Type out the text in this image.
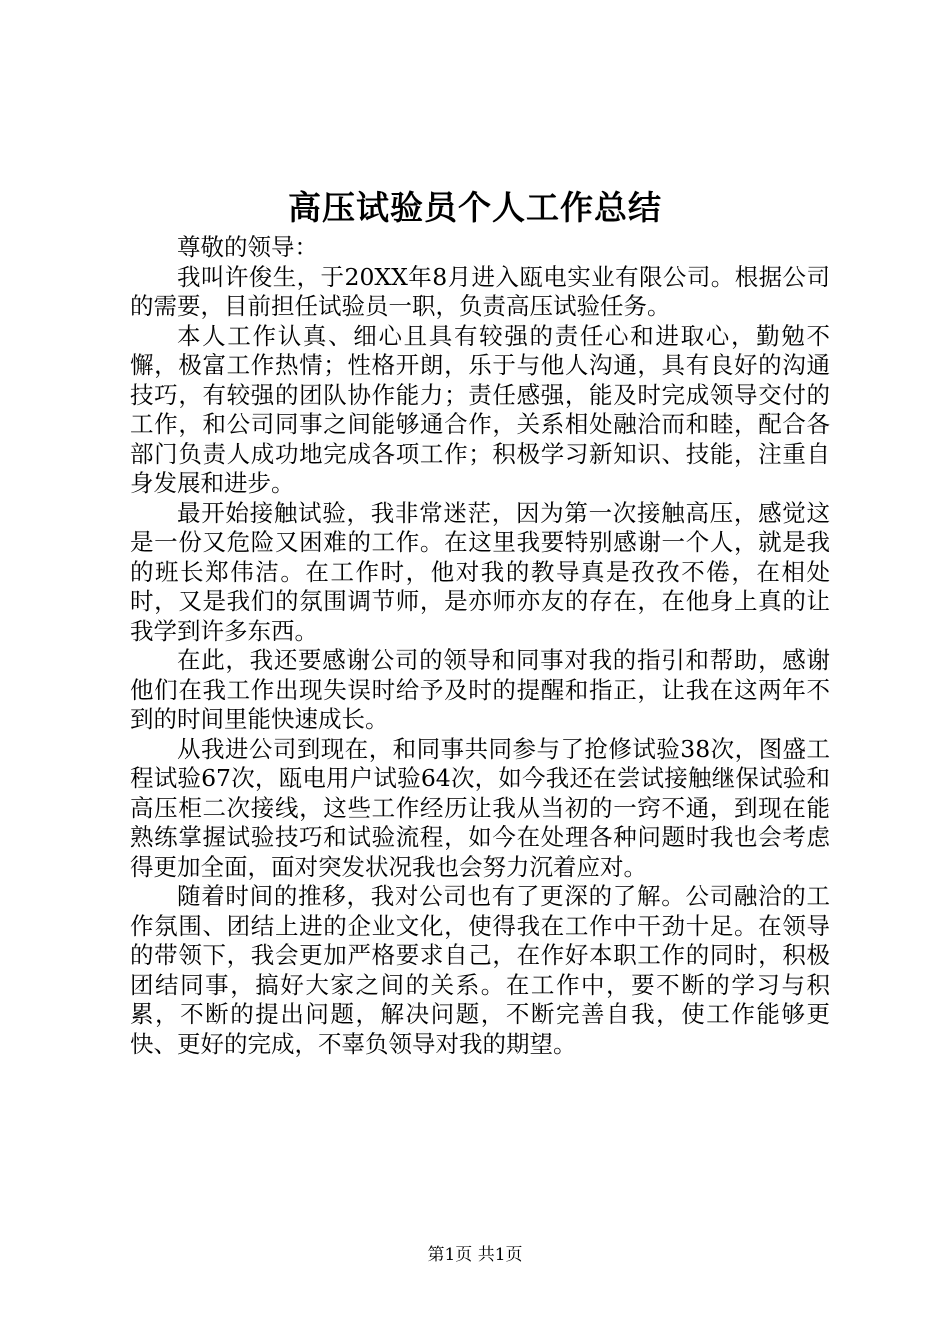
高压试验员个人工作总结

尊敬的领导：

我叫许俊生，于20XX年8月进入瓯电实业有限公司。根据公司的需要，目前担任试验员一职，负责高压试验任务。

本人工作认真、细心且具有较强的责任心和进取心，勤勉不懈，极富工作热情；性格开朗，乐于与他人沟通，具有良好的沟通技巧，有较强的团队协作能力；责任感强，能及时完成领导交付的工作，和公司同事之间能够通合作，关系相处融洽而和睦，配合各部门负责人成功地完成各项工作；积极学习新知识、技能，注重自身发展和进步。

最开始接触试验，我非常迷茫，因为第一次接触高压，感觉这是一份又危险又困难的工作。在这里我要特别感谢一个人，就是我的班长郑伟洁。在工作时，他对我的教导真是孜孜不倦，在相处时，又是我们的氛围调节师，是亦师亦友的存在，在他身上真的让我学到许多东西。

在此，我还要感谢公司的领导和同事对我的指引和帮助，感谢他们在我工作出现失误时给予及时的提醒和指正，让我在这两年不到的时间里能快速成长。

从我进公司到现在，和同事共同参与了抢修试验38次，图盛工程试验67次，瓯电用户试验64次，如今我还在尝试接触继保试验和高压柜二次接线，这些工作经历让我从当初的一窍不通，到现在能熟练掌握试验技巧和试验流程，如今在处理各种问题时我也会考虑得更加全面，面对突发状况我也会努力沉着应对。

随着时间的推移，我对公司也有了更深的了解。公司融洽的工作氛围、团结上进的企业文化，使得我在工作中干劲十足。在领导的带领下，我会更加严格要求自己，在作好本职工作的同时，积极团结同事，搞好大家之间的关系。在工作中，要不断的学习与积累，不断的提出问题，解决问题，不断完善自我，使工作能够更快、更好的完成，不辜负领导对我的期望。

第1页 共1页
